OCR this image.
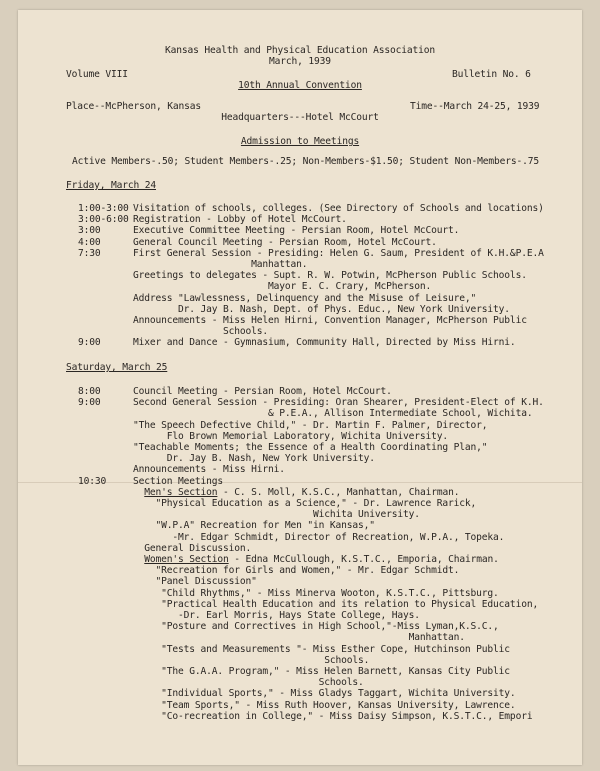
Kansas Health and Physical Education Association
March, 1939
Volume VIII	Bulletin No. 6
10th Annual Convention
Place--McPherson, Kansas	Time--March 24-25, 1939
Headquarters---Hotel McCourt
Admission to Meetings
Active Members-.50; Student Members-.25; Non-Members-$1.50; Student Non-Members-.75
Friday, March 24
1:00-3:00 Visitation of schools, colleges. (See Directory of Schools and locations)
3:00-6:00 Registration - Lobby of Hotel McCourt.
3:00	Executive Committee Meeting - Persian Room, Hotel McCourt.
4:00	General Council Meeting - Persian Room, Hotel McCourt.
7:30	First General Session - Presiding: Helen G. Saum, President of K.H.&P.E.A
Manhattan.
Greetings to delegates - Supt. R. W. Potwin, McPherson Public Schools.
Mayor E. C. Crary, McPherson.
Address "Lawlessness, Delinquency and the Misuse of Leisure,"
Dr. Jay B. Nash, Dept. of Phys. Educ., New York University.
Announcements - Miss Helen Hirni, Convention Manager, McPherson Public
Schools.
9:00	Mixer and Dance - Gymnasium, Community Hall, Directed by Miss Hirni.
Saturday, March 25
8:00	Council Meeting - Persian Room, Hotel McCourt.
9:00	Second General Session - Presiding: Oran Shearer, President-Elect of K.H.
& P.E.A., Allison Intermediate School, Wichita.
"The Speech Defective Child," - Dr. Martin F. Palmer, Director,
Flo Brown Memorial Laboratory, Wichita University.
"Teachable Moments; the Essence of a Health Coordinating Plan,"
Dr. Jay B. Nash, New York University.
Announcements - Miss Hirni.
10:30	Section Meetings
Men's Section - C. S. Moll, K.S.C., Manhattan, Chairman.
"Physical Education as a Science," - Dr. Lawrence Rarick,
Wichita University.
"W.P.A" Recreation for Men "in Kansas,"
-Mr. Edgar Schmidt, Director of Recreation, W.P.A., Topeka.
General Discussion.
Women's Section - Edna McCullough, K.S.T.C., Emporia, Chairman.
"Recreation for Girls and Women," - Mr. Edgar Schmidt.
"Panel Discussion"
"Child Rhythms," - Miss Minerva Wooton, K.S.T.C., Pittsburg.
"Practical Health Education and its relation to Physical Education,
-Dr. Earl Morris, Hays State College, Hays.
"Posture and Correctives in High School,"-Miss Lyman,K.S.C.,
Manhattan.
"Tests and Measurements "- Miss Esther Cope, Hutchinson Public
Schools.
"The G.A.A. Program," - Miss Helen Barnett, Kansas City Public
Schools.
"Individual Sports," - Miss Gladys Taggart, Wichita University.
"Team Sports," - Miss Ruth Hoover, Kansas University, Lawrence.
"Co-recreation in College," - Miss Daisy Simpson, K.S.T.C., Empori
